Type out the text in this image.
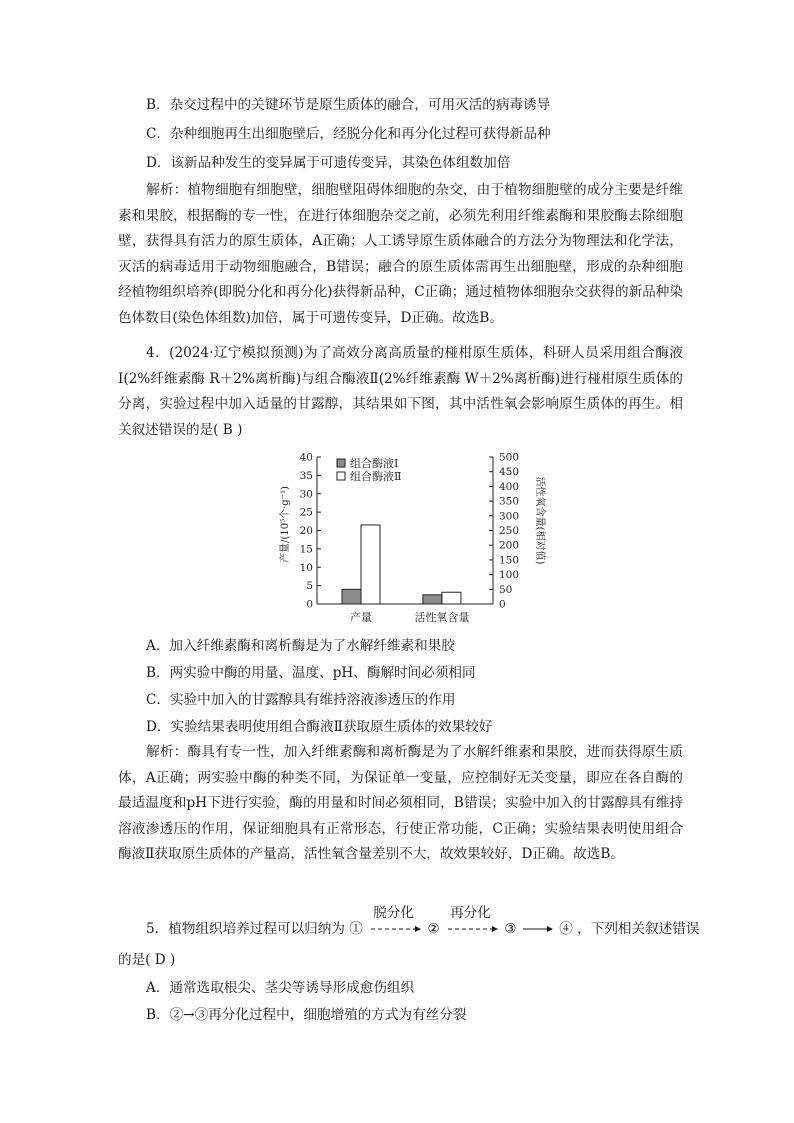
B．杂交过程中的关键环节是原生质体的融合，可用灭活的病毒诱导
C．杂种细胞再生出细胞壁后，经脱分化和再分化过程可获得新品种
D．该新品种发生的变异属于可遗传变异，其染色体组数加倍
解析：植物细胞有细胞壁，细胞壁阻碍体细胞的杂交，由于植物细胞壁的成分主要是纤维素和果胶，根据酶的专一性，在进行体细胞杂交之前，必须先利用纤维素酶和果胶酶去除细胞壁，获得具有活力的原生质体，A正确；人工诱导原生质体融合的方法分为物理法和化学法，灭活的病毒适用于动物细胞融合，B错误；融合的原生质体需再生出细胞壁，形成的杂种细胞经植物组织培养(即脱分化和再分化)获得新品种，C正确；通过植物体细胞杂交获得的新品种染色体数目(染色体组数)加倍，属于可遗传变异，D正确。故选B。
4．(2024·辽宁模拟预测)为了高效分离高质量的椪柑原生质体，科研人员采用组合酶液Ⅰ(2%纤维素酶 R＋2%离析酶)与组合酶液Ⅱ(2%纤维素酶 W＋2%离析酶)进行椪柑原生质体的分离，实验过程中加入适量的甘露醇，其结果如下图，其中活性氧会影响原生质体的再生。相关叙述错误的是( B )
0
5
10
15
20
25
30
35
40
0
50
100
150
200
250
300
350
400
450
500
产量/(10⁵个·g⁻¹)	活性氧含量(相对值)
产量	活性氧含量
组合酶液Ⅰ
组合酶液Ⅱ
A．加入纤维素酶和离析酶是为了水解纤维素和果胶
B．两实验中酶的用量、温度、pH、酶解时间必须相同
C．实验中加入的甘露醇具有维持溶液渗透压的作用
D．实验结果表明使用组合酶液Ⅱ获取原生质体的效果较好
解析：酶具有专一性，加入纤维素酶和离析酶是为了水解纤维素和果胶，进而获得原生质体，A正确；两实验中酶的种类不同，为保证单一变量，应控制好无关变量，即应在各自酶的最适温度和pH下进行实验，酶的用量和时间必须相同，B错误；实验中加入的甘露醇具有维持溶液渗透压的作用，保证细胞具有正常形态，行使正常功能，C正确；实验结果表明使用组合酶液Ⅱ获取原生质体的产量高，活性氧含量差别不大，故效果较好，D正确。故选B。
5．植物组织培养过程可以归纳为 ①
脱分化
②
再分化
③	④ ，下列相关叙述错误
的是( D )
A．通常选取根尖、茎尖等诱导形成愈伤组织
B．②→③再分化过程中，细胞增殖的方式为有丝分裂
